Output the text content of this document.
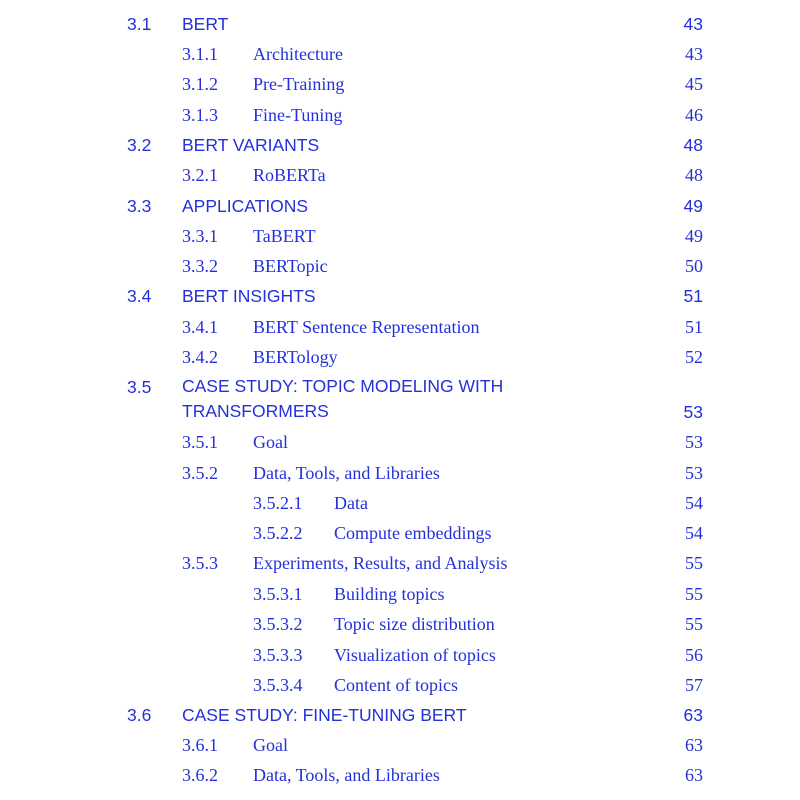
3.1 BERT	43
3.1.1 Architecture	43
3.1.2 Pre-Training	45
3.1.3 Fine-Tuning	46
3.2 BERT VARIANTS	48
3.2.1 RoBERTa	48
3.3 APPLICATIONS	49
3.3.1 TaBERT	49
3.3.2 BERTopic	50
3.4 BERT INSIGHTS	51
3.4.1 BERT Sentence Representation	51
3.4.2 BERTology	52
3.5 CASE STUDY: TOPIC MODELING WITH
TRANSFORMERS	53
3.5.1 Goal	53
3.5.2 Data, Tools, and Libraries	53
3.5.2.1 Data	54
3.5.2.2 Compute embeddings	54
3.5.3 Experiments, Results, and Analysis	55
3.5.3.1 Building topics	55
3.5.3.2 Topic size distribution	55
3.5.3.3 Visualization of topics	56
3.5.3.4 Content of topics	57
3.6 CASE STUDY: FINE-TUNING BERT	63
3.6.1 Goal	63
3.6.2 Data, Tools, and Libraries	63
